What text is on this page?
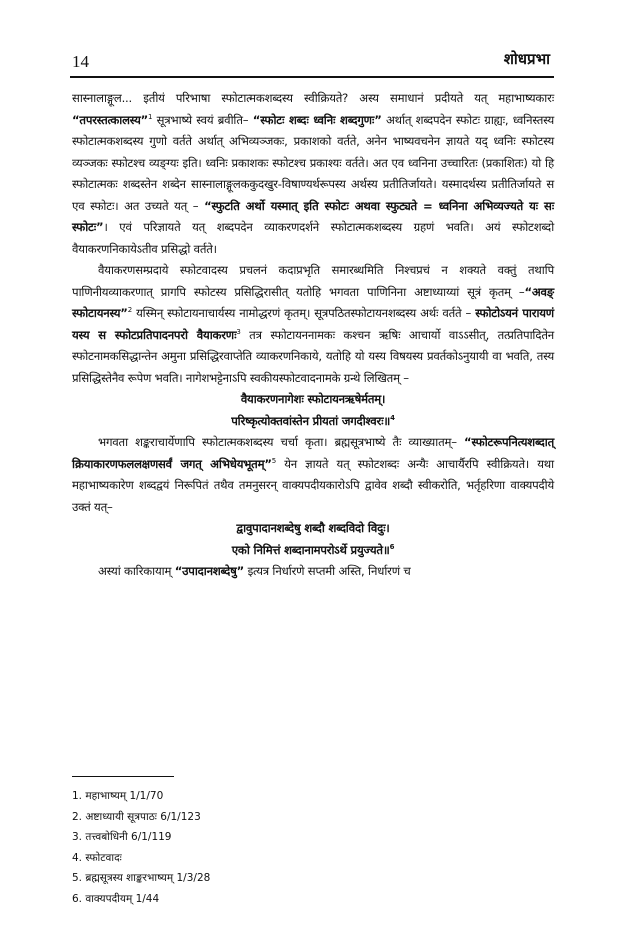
14	शोधप्रभा

सास्नालाङ्गूल... इतीयं परिभाषा स्फोटात्मकशब्दस्य स्वीक्रियते? अस्य समाधानं प्रदीयते यत् महाभाष्यकारः “तपरस्तत्कालस्य”$^1$ सूत्रभाष्ये स्वयं ब्रवीति– “स्फोटः शब्दः ध्वनिः शब्दगुणः” अर्थात् शब्दपदेन स्फोटः ग्राह्यः, ध्वनिस्तस्य स्फोटात्मकशब्दस्य गुणो वर्तते अर्थात् अभिव्यञ्जकः, प्रकाशको वर्तते, अनेन भाष्यवचनेन ज्ञायते यद् ध्वनिः स्फोटस्य व्यञ्जकः स्फोटश्च व्यङ्ग्यः इति। ध्वनिः प्रकाशकः स्फोटश्च प्रकाश्यः वर्तते। अत एव ध्वनिना उच्चारितः (प्रकाशितः) यो हि स्फोटात्मकः शब्दस्तेन शब्देन सास्नालाङ्गूलककुदखुर-विषाण्यर्थरूपस्य अर्थस्य प्रतीतिर्जायते। यस्मादर्थस्य प्रतीतिर्जायते स एव स्फोटः। अत उच्यते यत् – “स्फुटति अर्थो यस्मात् इति स्फोटः अथवा स्फुट्यते = ध्वनिना अभिव्यज्यते यः सः स्फोटः”। एवं परिज्ञायते यत् शब्दपदेन व्याकरणदर्शने स्फोटात्मकशब्दस्य ग्रहणं भवति। अयं स्फोटशब्दो वैयाकरणनिकायेऽतीव प्रसिद्धो वर्तते।

वैयाकरणसम्प्रदाये स्फोटवादस्य प्रचलनं कदाप्रभृति समारब्धमिति निश्चप्रचं न शक्यते वक्तुं तथापि पाणिनीयव्याकरणात् प्रागपि स्फोटस्य प्रसिद्धिरासीत् यतोहि भगवता पाणिनिना अष्टाध्याय्यां सूत्रं कृतम् –“अवङ् स्फोटायनस्य”$^2$ यस्मिन् स्फोटायनाचार्यस्य नामोद्धरणं कृतम्। सूत्रपठितस्फोटायनशब्दस्य अर्थः वर्तते – स्फोटोऽयनं पारायणं यस्य स स्फोटप्रतिपादनपरो वैयाकरणः$^3$ तत्र स्फोटायननामकः कश्चन ऋषिः आचार्यो वाऽऽसीत्, तत्प्रतिपादितेन स्फोटनामकसिद्धान्तेन अमुना प्रसिद्धिरवाप्तेति व्याकरणनिकाये, यतोहि यो यस्य विषयस्य प्रवर्तकोऽनुयायी वा भवति, तस्य प्रसिद्धिस्तेनैव रूपेण भवति। नागेशभट्टेनाऽपि स्वकीयस्फोटवादनामके ग्रन्थे लिखितम् –

वैयाकरणनागेशः स्फोटायनऋषेर्मतम्।

परिष्कृत्योक्तवांस्तेन प्रीयतां जगदीश्वरः॥$^4$

भगवता शङ्कराचार्येणापि स्फोटात्मकशब्दस्य चर्चा कृता। ब्रह्मसूत्रभाष्ये तैः व्याख्यातम्– “स्फोटरूपनित्यशब्दात् क्रियाकारणफललक्षणसर्वं जगत् अभिधेयभूतम्”$^5$ येन ज्ञायते यत् स्फोटशब्दः अन्यैः आचार्यैरपि स्वीक्रियते। यथा महाभाष्यकारेण शब्दद्वयं निरूपितं तथैव तमनुसरन् वाक्यपदीयकारोऽपि द्वावेव शब्दौ स्वीकरोति, भर्तृहरिणा वाक्यपदीये उक्तं यत्–

द्वावुपादानशब्देषु शब्दौ शब्दविदो विदुः।

एको निमित्तं शब्दानामपरोऽर्थे प्रयुज्यते॥$^6$

अस्यां कारिकायाम् “उपादानशब्देषु” इत्यत्र निर्धारणे सप्तमी अस्ति, निर्धारणं च

1. महाभाष्यम् 1/1/70
2. अष्टाध्यायी सूत्रपाठः 6/1/123
3. तत्त्वबोधिनी 6/1/119
4. स्फोटवादः
5. ब्रह्मसूत्रस्य शाङ्करभाष्यम् 1/3/28
6. वाक्यपदीयम् 1/44
